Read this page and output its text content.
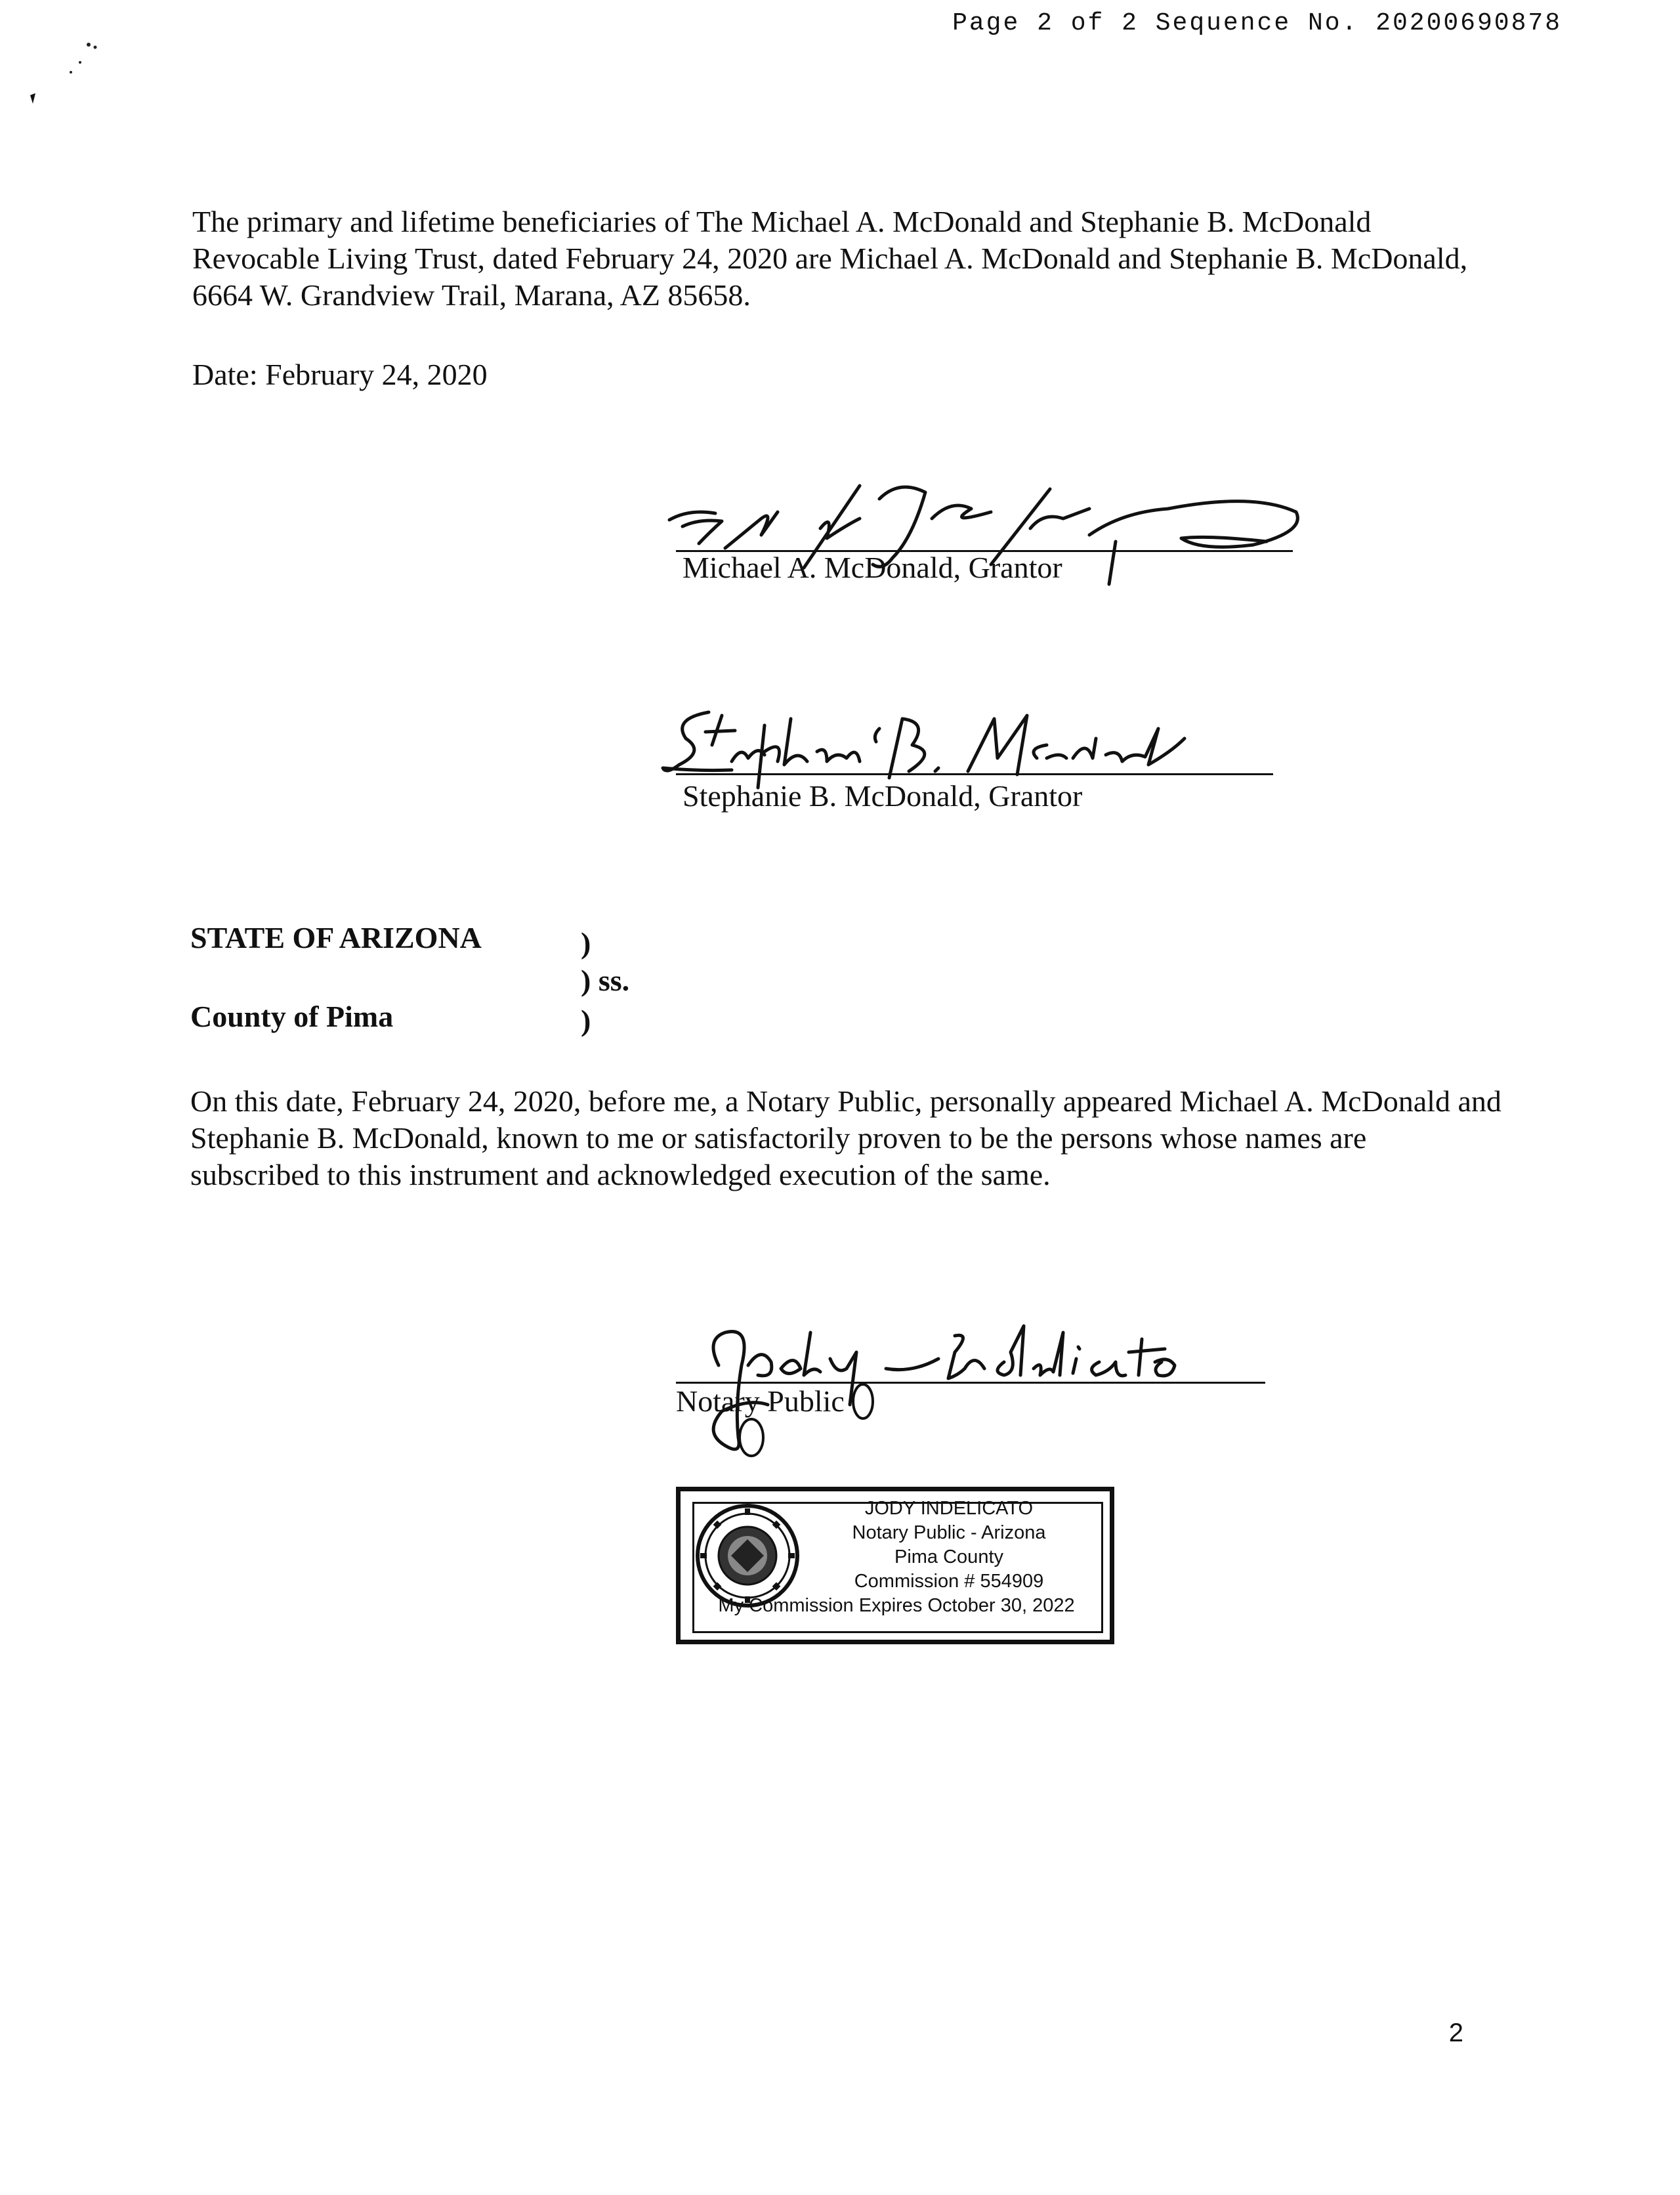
Page 2 of 2 Sequence No. 20200690878
The primary and lifetime beneficiaries of The Michael A. McDonald and Stephanie B. McDonald Revocable Living Trust, dated February 24, 2020 are Michael A. McDonald and Stephanie B. McDonald, 6664 W. Grandview Trail, Marana, AZ 85658.
Date: February 24, 2020
Michael A. McDonald, Grantor
Stephanie B. McDonald, Grantor
STATE OF ARIZONA
County of Pima
)
) ss.
)
On this date, February 24, 2020, before me, a Notary Public, personally appeared Michael A. McDonald and Stephanie B. McDonald, known to me or satisfactorily proven to be the persons whose names are subscribed to this instrument and acknowledged execution of the same.
Notary Public
JODY INDELICATO
Notary Public - Arizona
Pima County
Commission # 554909
My Commission Expires October 30, 2022
2
